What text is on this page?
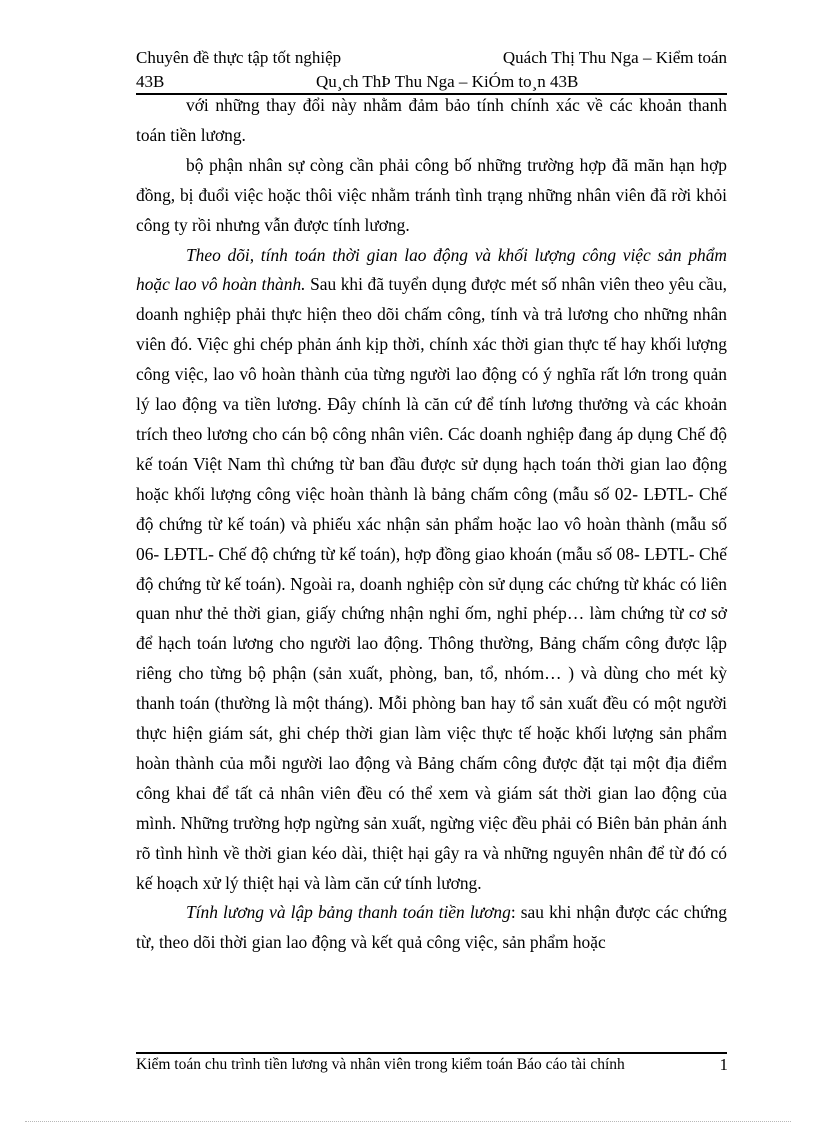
Chuyên đề thực tập tốt nghiệp	Quách Thị Thu Nga – Kiểm toán
43B	Qu¸ch ThÞ Thu Nga – KiÓm to¸n 43B

với những thay đổi này nhằm đảm bảo tính chính xác về các khoản thanh toán tiền lương.

bộ phận nhân sự còng cần phải công bố những trường hợp đã mãn hạn hợp đồng, bị đuổi việc hoặc thôi việc nhằm tránh tình trạng những nhân viên đã rời khỏi công ty rồi nhưng vẫn được tính lương.

Theo dõi, tính toán thời gian lao động và khối lượng công việc sản phẩm hoặc lao vô hoàn thành. Sau khi đã tuyển dụng được mét số nhân viên theo yêu cầu, doanh nghiệp phải thực hiện theo dõi chấm công, tính và trả lương cho những nhân viên đó. Việc ghi chép phản ánh kịp thời, chính xác thời gian thực tế hay khối lượng công việc, lao vô hoàn thành của từng người lao động có ý nghĩa rất lớn trong quản lý lao động va tiền lương. Đây chính là căn cứ để tính lương thưởng và các khoản trích theo lương cho cán bộ công nhân viên. Các doanh nghiệp đang áp dụng Chế độ kế toán Việt Nam thì chứng từ ban đầu được sử dụng hạch toán thời gian lao động hoặc khối lượng công việc hoàn thành là bảng chấm công (mẫu số 02- LĐTL- Chế độ chứng từ kế toán) và phiếu xác nhận sản phẩm hoặc lao vô hoàn thành (mẫu số 06- LĐTL- Chế độ chứng từ kế toán), hợp đồng giao khoán (mẫu số 08- LĐTL- Chế độ chứng từ kế toán). Ngoài ra, doanh nghiệp còn sử dụng các chứng từ khác có liên quan như thẻ thời gian, giấy chứng nhận nghỉ ốm, nghỉ phép… làm chứng từ cơ sở để hạch toán lương cho người lao động. Thông thường, Bảng chấm công được lập riêng cho từng bộ phận (sản xuất, phòng, ban, tổ, nhóm… ) và dùng cho mét kỳ thanh toán (thường là một tháng). Mỗi phòng ban hay tổ sản xuất đều có một người thực hiện giám sát, ghi chép thời gian làm việc thực tế hoặc khối lượng sản phẩm hoàn thành của mỗi người lao động và Bảng chấm công được đặt tại một địa điểm công khai để tất cả nhân viên đều có thể xem và giám sát thời gian lao động của mình. Những trường hợp ngừng sản xuất, ngừng việc đều phải có Biên bản phản ánh rõ tình hình về thời gian kéo dài, thiệt hại gây ra và những nguyên nhân để từ đó có kế hoạch xử lý thiệt hại và làm căn cứ tính lương.

Tính lương và lập bảng thanh toán tiền lương: sau khi nhận được các chứng từ, theo dõi thời gian lao động và kết quả công việc, sản phẩm hoặc

Kiểm toán chu trình tiền lương và nhân viên trong kiểm toán Báo cáo tài chính	1
